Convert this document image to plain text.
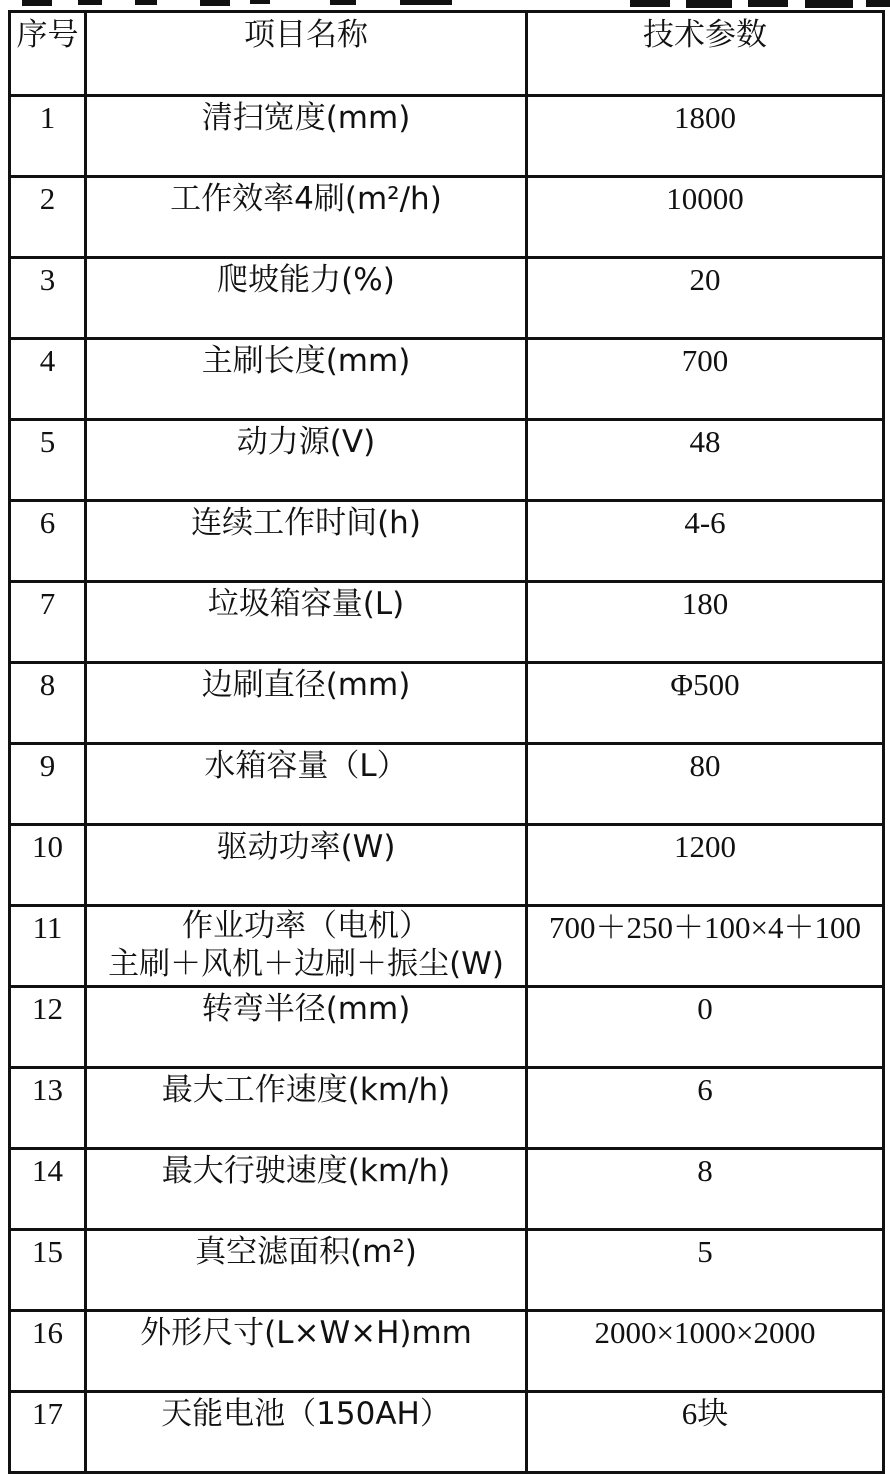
序号	项目名称	技术参数
1	清扫宽度(mm)	1800
2	工作效率4刷(m²/h)	10000
3	爬坡能力(%)	20
4	主刷长度(mm)	700
5	动力源(V)	48
6	连续工作时间(h)	4-6
7	垃圾箱容量(L)	180
8	边刷直径(mm)	Φ500
9	水箱容量（L）	80
10	驱动功率(W)	1200
11	作业功率（电机）
主刷＋风机＋边刷＋振尘(W)	700＋250＋100×4＋100
12	转弯半径(mm)	0
13	最大工作速度(km/h)	6
14	最大行驶速度(km/h)	8
15	真空滤面积(m²)	5
16	外形尺寸(L×W×H)mm	2000×1000×2000
17	天能电池（150AH）	6块
